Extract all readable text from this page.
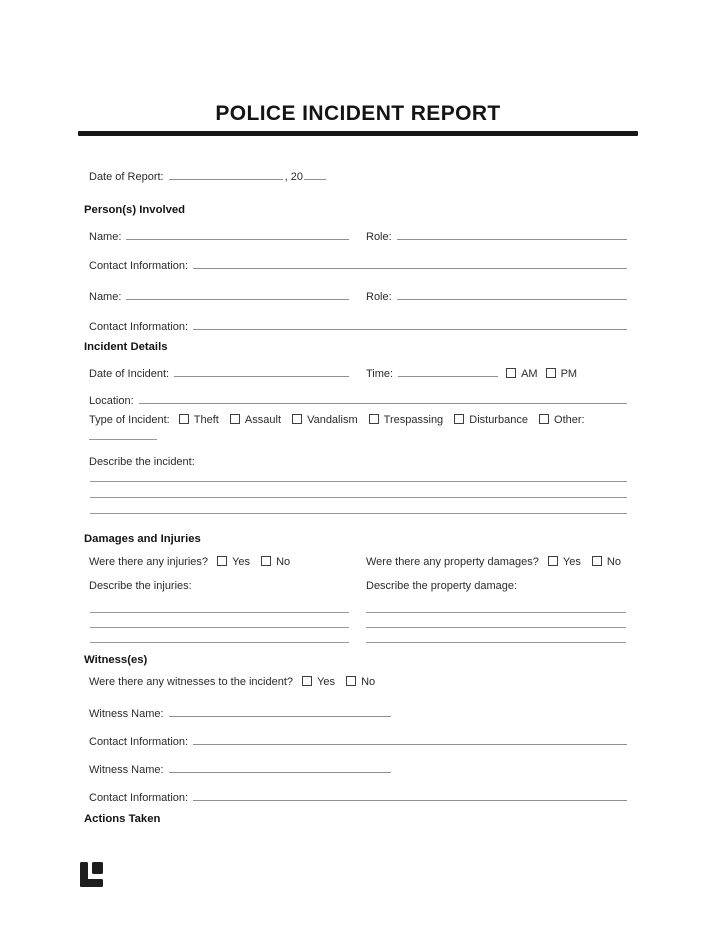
POLICE INCIDENT REPORT
Date of Report:	, 20
Person(s) Involved
Name:	Role:
Contact Information:
Name:	Role:
Contact Information:
Incident Details
Date of Incident:	Time:	AM PM
Location:
Type of Incident: Theft Assault Vandalism Trespassing Disturbance Other:
Describe the incident:
Damages and Injuries
Were there any injuries? Yes No	Were there any property damages? Yes No
Describe the injuries:	Describe the property damage:
Witness(es)
Were there any witnesses to the incident? Yes No
Witness Name:
Contact Information:
Witness Name:
Contact Information:
Actions Taken
